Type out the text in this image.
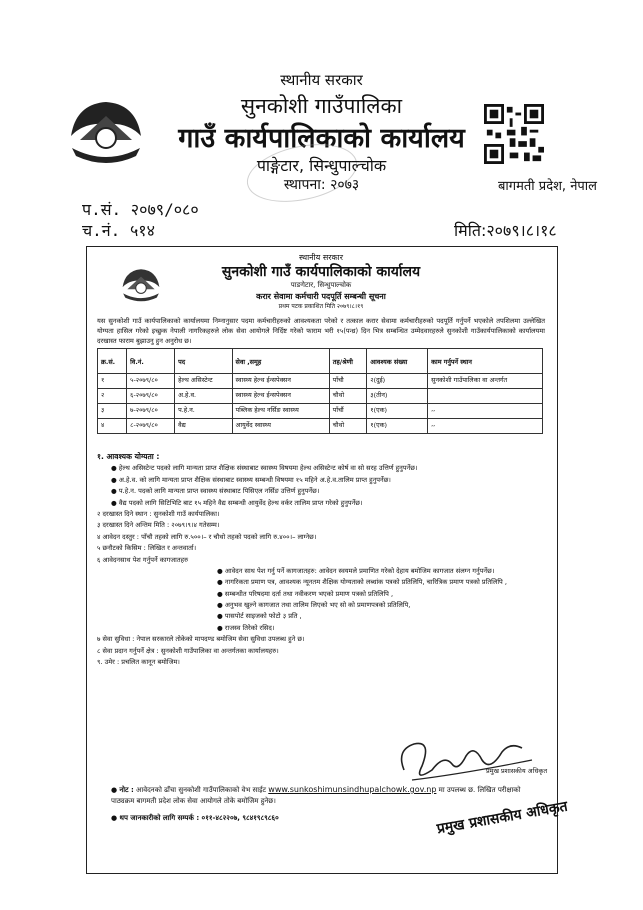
स्थानीय सरकार
सुनकोशी गाउँपालिका
गाउँ कार्यपालिकाको कार्यालय
पाङ्गेटार, सिन्धुपाल्चोक
स्थापना: २०७३	बागमती प्रदेश, नेपाल
प.सं. २०७९/०८०
च.नं. ५१४	मिति:२०७९।८।१८
स्थानीय सरकार
सुनकोशी गाउँ कार्यपालिकाको कार्यालय
पाङगेटार, सिन्धुपाल्चोक
करार सेवामा कर्मचारी पदपूर्ति सम्बन्धी सूचना
प्रथम पटक प्रकाशित मिति २०७९।८।१९
यस सुनकोशी गाउँ कार्यपालिकाको कार्यालयमा निम्नानुसार पदमा कर्मचारीहरुको आवश्यकता परेको र तत्काल करार सेवामा कर्मचारीहरुको पदपूर्ति गर्नुपर्ने भएकोले तपशिलमा उल्लेखित योग्यता हासिल गरेको इच्छुक नेपाली नागरिकहरुले लोक सेवा आयोगले निर्दिष्ट गरेको फाराम भरी १५(पन्ध्र) दिन भित्र सम्बन्धित उम्मेदवारहरुले सुनकोशी गाउँकार्यपालिकाको कार्यालयमा दरखास्त फाराम बुझाउनु हुन अनुरोध छ।
क्र.सं.	वि.नं.	पद	सेवा ,समूह	तह/श्रेणी	आवश्यक संख्या	काम गर्नुपर्ने स्थान
१	५-२०७९/८०	हेल्थ असिस्टेन्ट	स्वास्थ्य हेल्थ ईन्सपेक्सन	पाँचौ	२(दुई)	सुनकोशी गाउँपालिका वा अन्तर्गत
२	६-२०७९/८०	अ.हे.व.	स्वास्थ्य हेल्थ ईन्सपेक्सन	चौथो	३(तीन)	
३	७-२०७९/८०	प.हे.न.	पब्लिक हेल्थ नर्सिङ स्वास्थ्य	पाँचौं	१(एक)	,,
४	८-२०७९/८०	वैद्य	आयुर्वेद स्वास्थ्य	चौथो	१(एक)	,,
१. आवश्यक योग्यता :
● हेल्थ असिस्टेन्ट पदको लागि मान्यता प्राप्त शैक्षिक संस्थाबाट स्वास्थ्य विषयमा हेल्थ असिस्टेन्ट कोर्ष वा सो सरह उत्तिर्ण हुनुपर्नेछ।
● अ.हे.व. को लागि मान्यता प्राप्त शैक्षिक संस्थाबाट स्वास्थ्य सम्बन्धी विषयमा १५ महिने अ.हे.व.तालिम प्राप्त हुनुपर्नेछ।
● प.हे.न. पदको लागि मान्यता प्राप्त स्वास्थ्य संस्थाबाट पिसिएल नर्सिङ उत्तिर्ण हुनुपर्नेछ।
● वैद्य पदको लागि सिटिभिटि बाट १५ महिने वैद्य सम्बन्धी आयुर्वेद हेल्थ वर्कर तालिम प्राप्त गरेको हुनुपर्नेछ।
२ दरखास्त दिने स्थान : सुनकोशी गाउँ कार्यपालिका।
३ दरखास्त दिने अन्तिम मिति : २०७९।९।४ गतेसम्म।
४ आवेदन दस्तुर : पाँचौ तहको लागि रु.५००।– र चौथो तहको पदको लागि रु.४००।– लाग्नेछ।
५ छनौटको किसिम : लिखित र अन्तवार्ता।
६ आवेदनसाथ पेश गर्नुपर्ने कागजातहरु
● आवेदन साथ पेश गर्नु पर्ने कागजातहरु: आवेदन स्वयमले प्रमाणित गरेको देहाय बमोजिम कागजात संलग्न गर्नुपर्नेछ।
● नागरिकता प्रमाण पत्र, आवश्यक न्यूनतम शैक्षिक योग्यताको लब्धांक पत्रको प्रतिलिपि, चारित्रिक प्रमाण पत्रको प्रतिलिपि ,
● सम्बन्धीत परिषदमा दर्ता तथा नवीकरण भएको प्रमाण पत्रको प्रतिलिपि ,
● अनुभव खुल्ने कागजात तथा तालिम लिएको भए सो को प्रमाणपत्रको प्रतिलिपि,
● पासपोर्ट साइजको फोटो ३ प्रति ,
● राजस्व तिरेको रसिद।
७ सेवा सुविधा : नेपाल सरकारले तोकेको मापदण्ड बमोजिम सेवा सुविधा उपलब्ध हुने छ।
८ सेवा प्रदान गर्नुपर्ने क्षेत्र : सुनकोशी गाउँपालिका वा अन्तर्गतका कार्यालयहरु।
९. उमेर : प्रचलित कानून बमोजिम।
● नोट : आवेदनको ढाँचा सुनकोशी गाउँपालिकाको वेभ साईट www.sunkoshimunsindhupalchowk.gov.np मा उपलब्ध छ. लिखित परीक्षाको पाठ्यक्रम बागमती प्रदेश लोक सेवा आयोगले तोके बमोजिम हुनेछ।
● थप जानकारीको लागि सम्पर्क : ०११-४८२२०७, ९८४१९८९८६०
प्रमुख प्रशासकीय अधिकृत
प्रमुख प्रशासकीय अधिकृत
